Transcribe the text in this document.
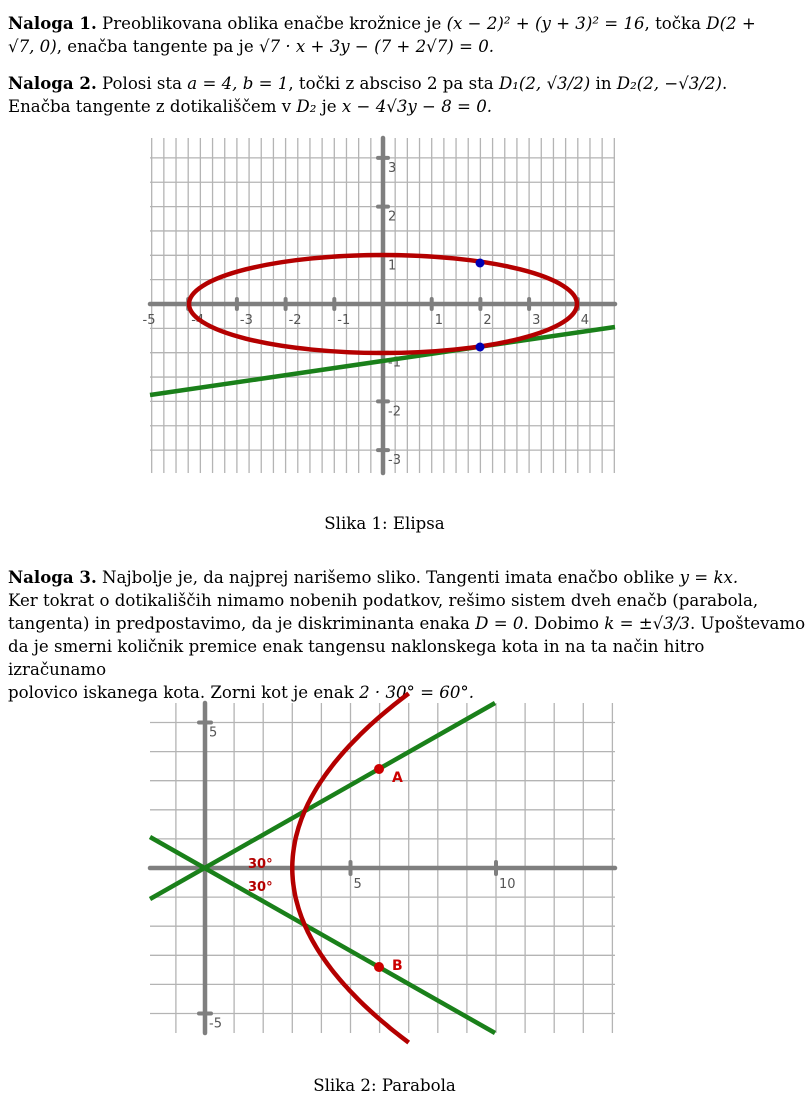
Naloga 1. Preoblikovana oblika enačbe krožnice je (x − 2)² + (y + 3)² = 16, točka D(2 + √7, 0), enačba tangente pa je √7 · x + 3y − (7 + 2√7) = 0.
Naloga 2. Polosi sta a = 4, b = 1, točki z absciso 2 pa sta D₁(2, √3/2) in D₂(2, −√3/2). Enačba tangente z dotikališčem v D₂ je x − 4√3y − 8 = 0.
-5	-4	-3	-2	-1	1	2	3	4
3
2
1
-1
-2
-3
Slika 1: Elipsa
Naloga 3. Najbolje je, da najprej narišemo sliko. Tangenti imata enačbo oblike y = kx.
Ker tokrat o dotikališčih nimamo nobenih podatkov, rešimo sistem dveh enačb (parabola,
tangenta) in predpostavimo, da je diskriminanta enaka D = 0. Dobimo k = ±√3/3. Upoštevamo
da je smerni količnik premice enak tangensu naklonskega kota in na ta način hitro izračunamo
polovico iskanega kota. Zorni kot je enak 2 · 30° = 60°.
5	10
5
-5
A
B
30°
30°
Slika 2: Parabola
